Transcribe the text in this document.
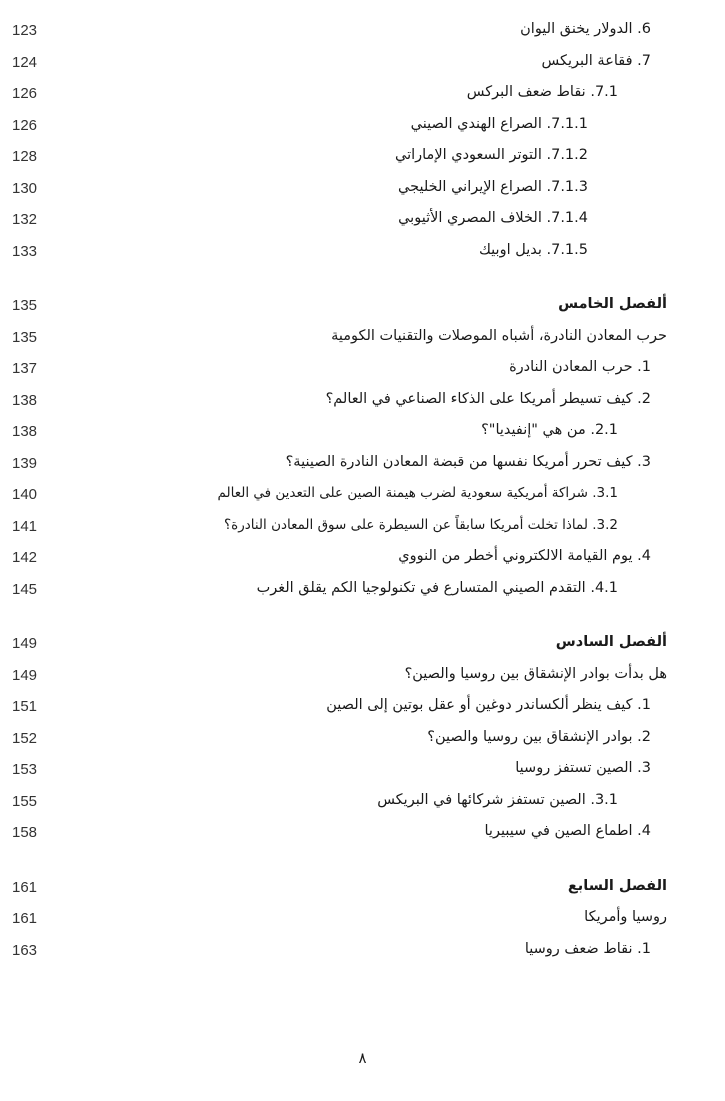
123	6. الدولار يخنق اليوان
124	7. فقاعة البريكس
126	7.1. نقاط ضعف البركس
126	7.1.1. الصراع الهندي الصيني
128	7.1.2. التوتر السعودي الإماراتي
130	7.1.3. الصراع الإيراني الخليجي
132	7.1.4. الخلاف المصري الأثيوبي
133	7.1.5. بديل اوبيك
135	ألفصل الخامس
135	حرب المعادن النادرة، أشباه الموصلات والتقنيات الكومية
137	1. حرب المعادن النادرة
138	2. كيف تسيطر أمريكا على الذكاء الصناعي في العالم؟
138	2.1. من هي "إنفيديا"؟
139	3. كيف تحرر أمريكا نفسها من قبضة المعادن النادرة الصينية؟
140	3.1. شراكة أمريكية سعودية لضرب هيمنة الصين على التعدين في العالم
141	3.2. لماذا تخلت أمريكا سابقاً عن السيطرة على سوق المعادن النادرة؟
142	4. يوم القيامة الالكتروني أخطر من النووي
145	4.1. التقدم الصيني المتسارع في تكنولوجيا الكم يقلق الغرب
149	ألفصل السادس
149	هل بدأت بوادر الإنشقاق بين روسيا والصين؟
151	1. كيف ينظر ألكساندر دوغين أو عقل بوتين إلى الصين
152	2. بوادر الإنشقاق بين روسيا والصين؟
153	3. الصين تستفز روسيا
155	3.1. الصين تستفز شركائها في البريكس
158	4. اطماع الصين في سيبيريا
161	الفصل السابع
161	روسيا وأمريكا
163	1. نقاط ضعف روسيا
٨
